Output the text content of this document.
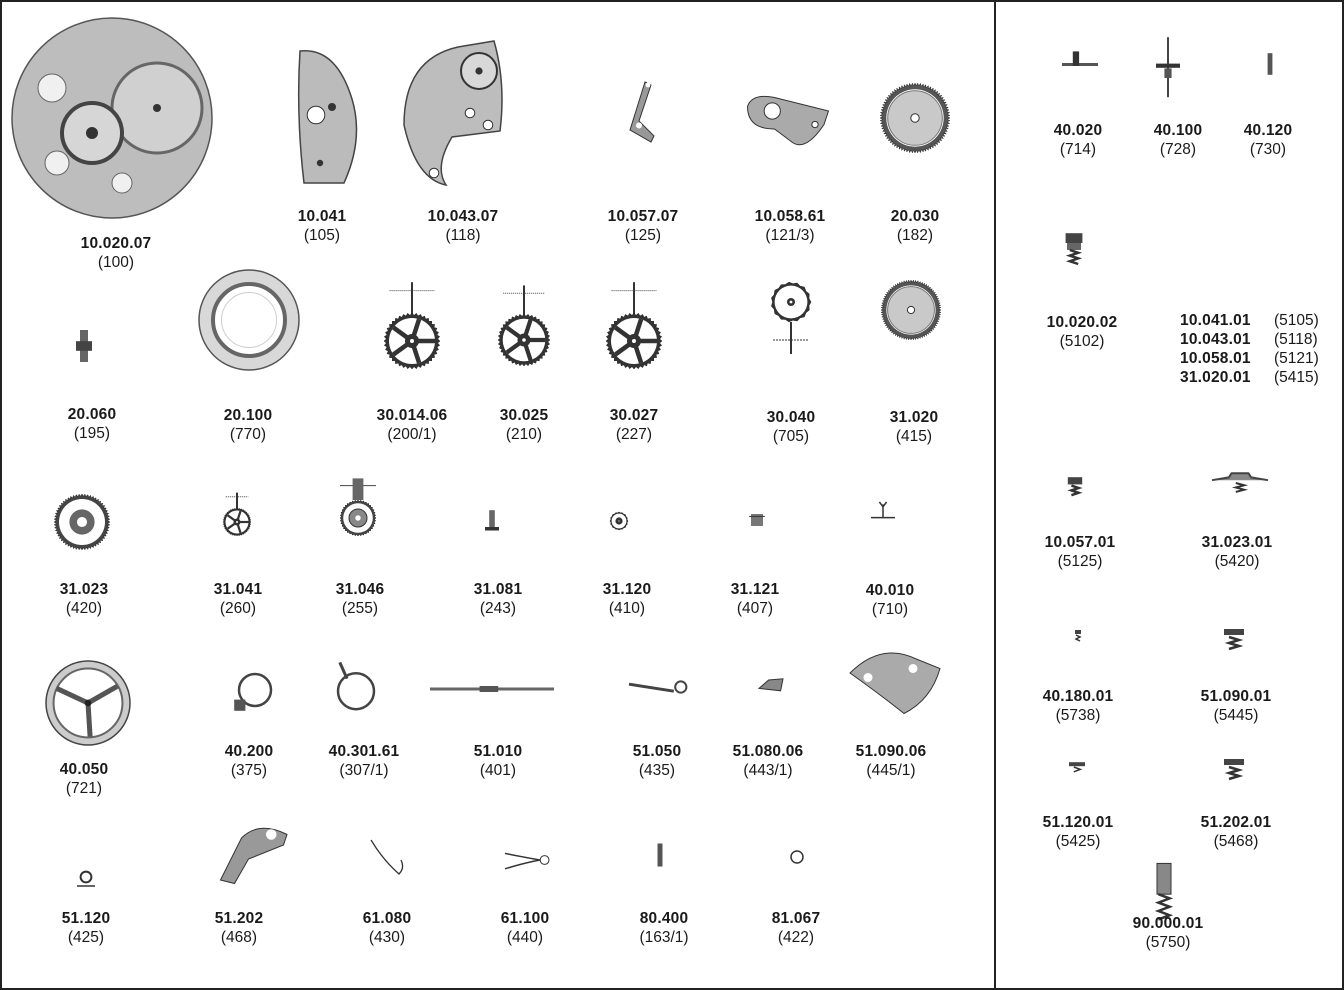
10.020.07
(100)
10.041
(105)
10.043.07
(118)
10.057.07
(125)
10.058.61
(121/3)
20.030
(182)
20.060
(195)
20.100
(770)
30.014.06
(200/1)
30.025
(210)
30.027
(227)
30.040
(705)
31.020
(415)
31.023
(420)
31.041
(260)
31.046
(255)
31.081
(243)
31.120
(410)
31.121
(407)
40.010
(710)
40.050
(721)
40.200
(375)
40.301.61
(307/1)
51.010
(401)
51.050
(435)
51.080.06
(443/1)
51.090.06
(445/1)
51.120
(425)
51.202
(468)
61.080
(430)
61.100
(440)
80.400
(163/1)
81.067
(422)
40.020
(714)
40.100
(728)
40.120
(730)
10.020.02
(5102)
10.057.01
(5125)
31.023.01
(5420)
40.180.01
(5738)
51.090.01
(5445)
51.120.01
(5425)
51.202.01
(5468)
90.000.01
(5750)
10.041.01 (5105)
10.043.01 (5118)
10.058.01 (5121)
31.020.01 (5415)
